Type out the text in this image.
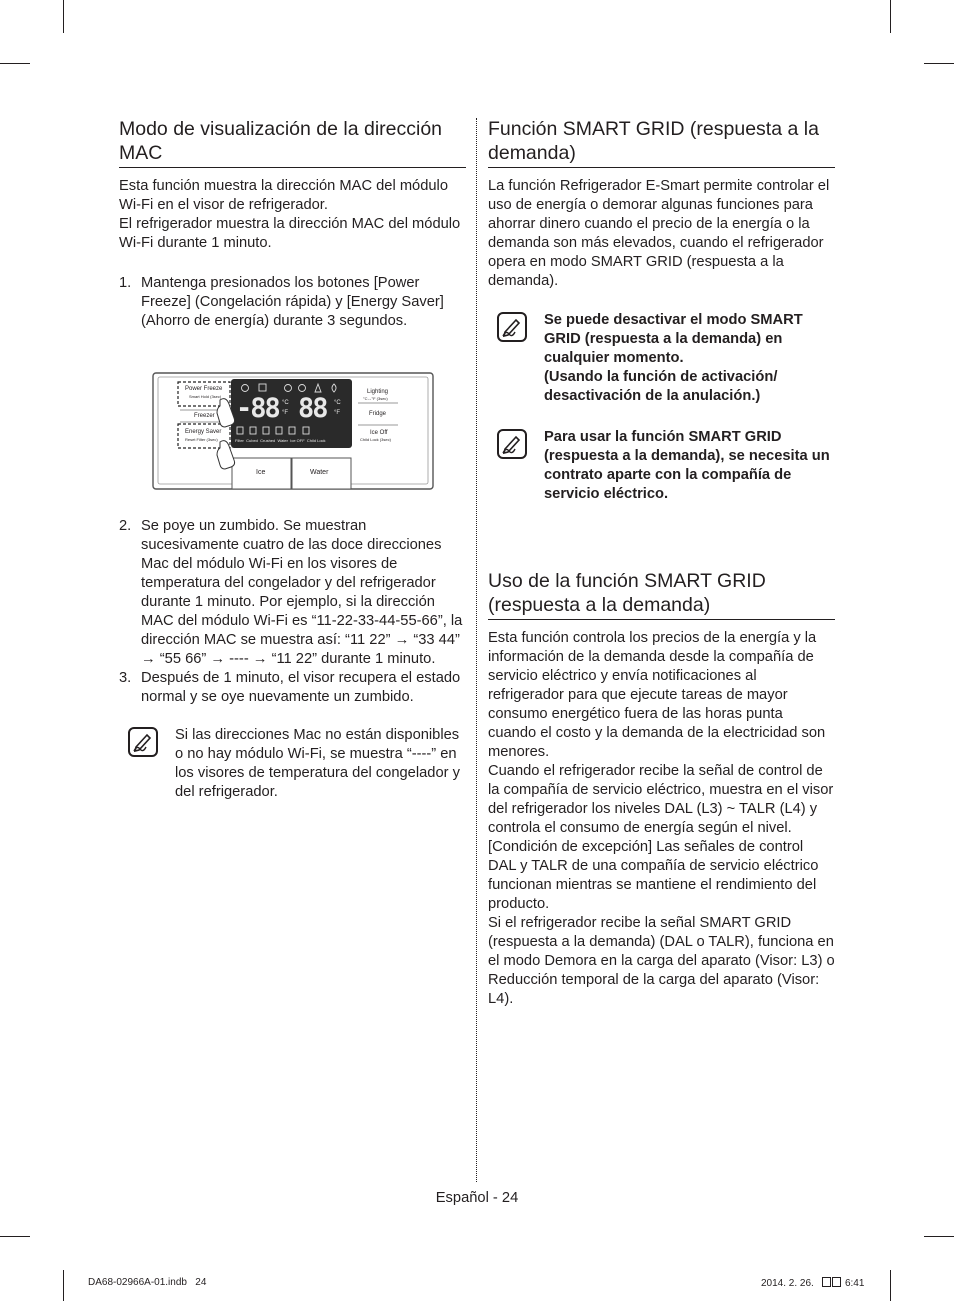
Modo de visualización de la dirección MAC

Esta función muestra la dirección MAC del módulo Wi-Fi en el visor de refrigerador.

El refrigerador muestra la dirección MAC del módulo Wi-Fi durante 1 minuto.

1. Mantenga presionados los botones [Power Freeze] (Congelación rápida) y [Energy Saver] (Ahorro de energía) durante 3 segundos.
Power Freeze
Smart Hold (3sec)
Freezer
Energy Saver
Reset Filter (3sec)
Lighting
°C↔°F (3sec)
Fridge
Ice Off
Child Lock (3sec)
-88 °C
°F 88 °C
°F
Filter  Cubed  Crushed  Water  Ice OFF  Child Lock
Ice	Water
2. Se poye un zumbido. Se muestran sucesivamente cuatro de las doce direcciones Mac del módulo Wi-Fi en los visores de temperatura del congelador y del refrigerador durante 1 minuto. Por ejemplo, si la dirección MAC del módulo Wi-Fi es “11-22-33-44-55-66”, la dirección MAC se muestra así: “11 22” → “33 44” → “55 66” → ---- → “11 22” durante 1 minuto.
3. Después de 1 minuto, el visor recupera el estado normal y se oye nuevamente un zumbido.
Si las direcciones Mac no están disponibles o no hay módulo Wi-Fi, se muestra “----” en los visores de temperatura del congelador y del refrigerador.
Función SMART GRID (respuesta a la demanda)

La función Refrigerador E-Smart permite controlar el uso de energía o demorar algunas funciones para ahorrar dinero cuando el precio de la energía o la demanda son más elevados, cuando el refrigerador opera en modo SMART GRID (respuesta a la demanda).

Se puede desactivar el modo SMART GRID (respuesta a la demanda) en cualquier momento.
(Usando la función de activación/ desactivación de la anulación.)
Para usar la función SMART GRID (respuesta a la demanda), se necesita un contrato aparte con la compañía de servicio eléctrico.
Uso de la función SMART GRID (respuesta a la demanda)

Esta función controla los precios de la energía y la información de la demanda desde la compañía de servicio eléctrico y envía notificaciones al refrigerador para que ejecute tareas de mayor consumo energético fuera de las horas punta cuando el costo y la demanda de la electricidad son menores.

Cuando el refrigerador recibe la señal de control de la compañía de servicio eléctrico, muestra en el visor del refrigerador los niveles DAL (L3) ~ TALR (L4) y controla el consumo de energía según el nivel.

[Condición de excepción] Las señales de control DAL y TALR de una compañía de servicio eléctrico funcionan mientras se mantiene el rendimiento del producto.

Si el refrigerador recibe la señal SMART GRID (respuesta a la demanda) (DAL o TALR), funciona en el modo Demora en la carga del aparato (Visor: L3) o Reducción temporal de la carga del aparato (Visor: L4).

Español - 24
DA68-02966A-01.indb   24	2014. 2. 26.	6:41
